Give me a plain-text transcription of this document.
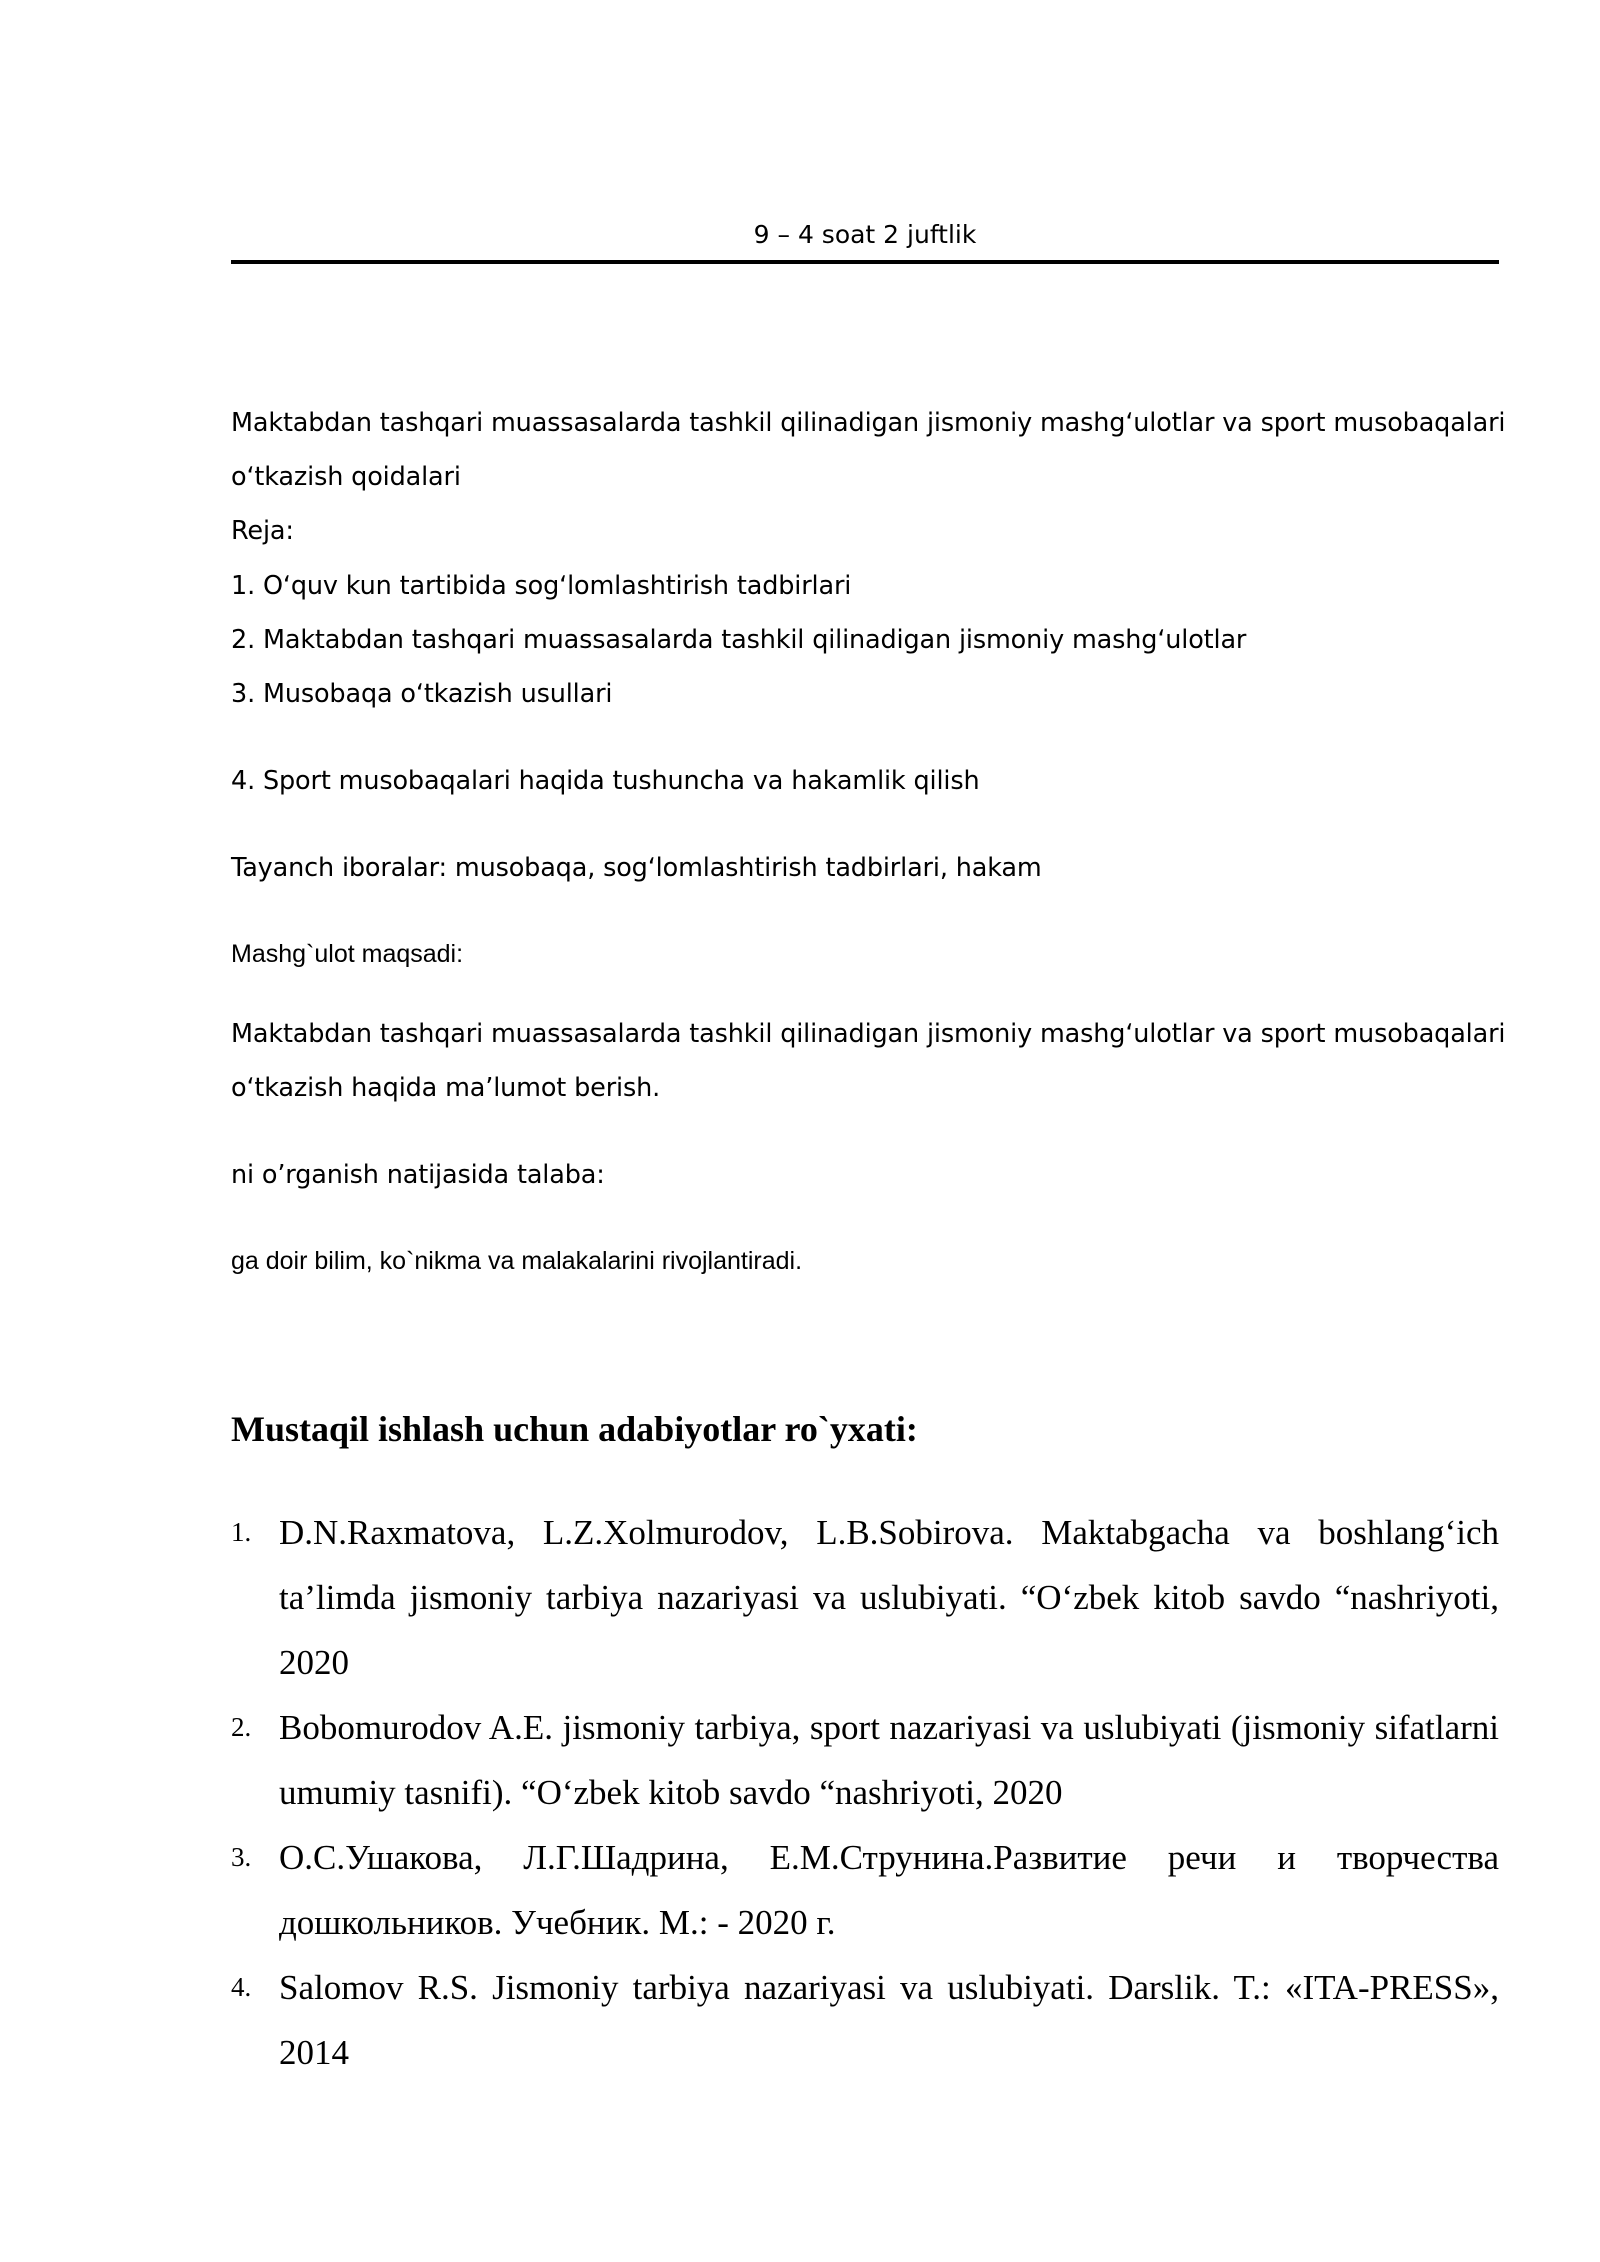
9 – 4 soat 2 juftlik
Maktabdan tashqari muassasalarda tashkil qilinadigan jismoniy mashgʻulotlar va sport musobaqalari
oʻtkazish qoidalari
Reja:
1. Oʻquv kun tartibida sogʻlomlashtirish tadbirlari
2. Maktabdan tashqari muassasalarda tashkil qilinadigan jismoniy mashgʻulotlar
3. Musobaqa oʻtkazish usullari
4. Sport musobaqalari haqida tushuncha va hakamlik qilish
Tayanch iboralar: musobaqa, sogʻlomlashtirish tadbirlari, hakam
Mashg`ulot maqsadi:
Maktabdan tashqari muassasalarda tashkil qilinadigan jismoniy mashgʻulotlar va sport musobaqalari
oʻtkazish haqida ma’lumot berish.
ni o’rganish natijasida talaba:
ga doir bilim, ko`nikma va malakalarini rivojlantiradi.
Mustaqil ishlash uchun adabiyotlar ro`yxati:
1. D.N.Raxmatova, L.Z.Xolmurodov, L.B.Sobirova. Maktabgacha va boshlangʻich ta’limda jismoniy tarbiya nazariyasi va uslubiyati. “Oʻzbek kitob savdo “nashriyoti, 2020
2. Bobomurodov A.E. jismoniy tarbiya, sport nazariyasi va uslubiyati (jismoniy sifatlarni umumiy tasnifi). “Oʻzbek kitob savdo “nashriyoti, 2020
3. О.С.Ушакова, Л.Г.Шадрина, Е.М.Струнина.Развитие речи и творчества дошкольников. Учебник. М.: - 2020 г.
4. Salomov R.S. Jismoniy tarbiya nazariyasi va uslubiyati. Darslik. T.: «ITA-PRESS», 2014
